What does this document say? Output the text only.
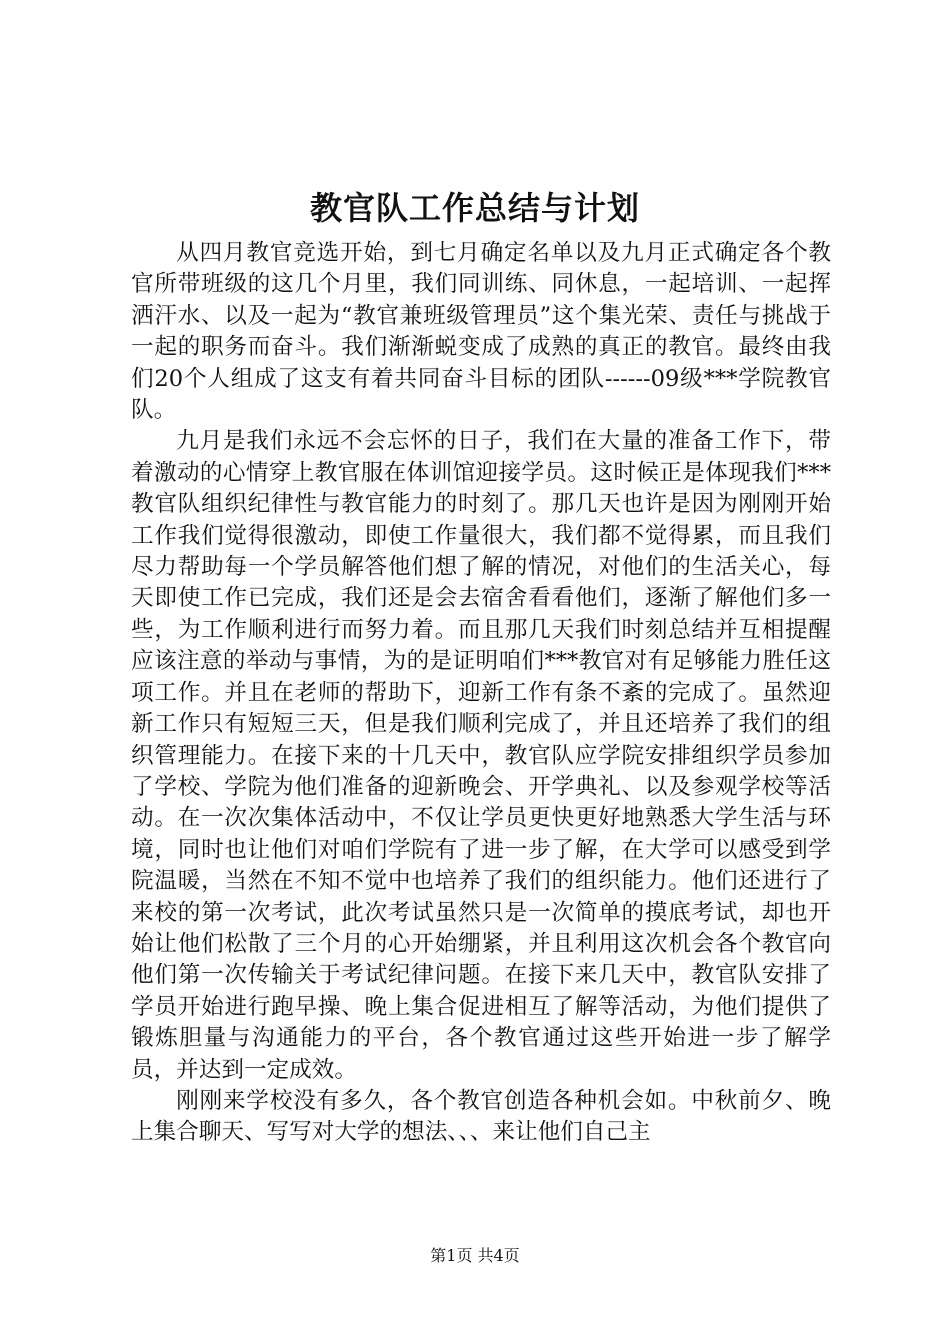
教官队工作总结与计划

从四月教官竞选开始，到七月确定名单以及九月正式确定各个教官所带班级的这几个月里，我们同训练、同休息，一起培训、一起挥洒汗水、以及一起为“教官兼班级管理员”这个集光荣、责任与挑战于一起的职务而奋斗。我们渐渐蜕变成了成熟的真正的教官。最终由我们20个人组成了这支有着共同奋斗目标的团队------09级***学院教官队。

九月是我们永远不会忘怀的日子，我们在大量的准备工作下，带着激动的心情穿上教官服在体训馆迎接学员。这时候正是体现我们***教官队组织纪律性与教官能力的时刻了。那几天也许是因为刚刚开始工作我们觉得很激动，即使工作量很大，我们都不觉得累，而且我们尽力帮助每一个学员解答他们想了解的情况，对他们的生活关心，每天即使工作已完成，我们还是会去宿舍看看他们，逐渐了解他们多一些，为工作顺利进行而努力着。而且那几天我们时刻总结并互相提醒应该注意的举动与事情，为的是证明咱们***教官对有足够能力胜任这项工作。并且在老师的帮助下，迎新工作有条不紊的完成了。虽然迎新工作只有短短三天，但是我们顺利完成了，并且还培养了我们的组织管理能力。在接下来的十几天中，教官队应学院安排组织学员参加了学校、学院为他们准备的迎新晚会、开学典礼、以及参观学校等活动。在一次次集体活动中，不仅让学员更快更好地熟悉大学生活与环境，同时也让他们对咱们学院有了进一步了解，在大学可以感受到学院温暖，当然在不知不觉中也培养了我们的组织能力。他们还进行了来校的第一次考试，此次考试虽然只是一次简单的摸底考试，却也开始让他们松散了三个月的心开始绷紧，并且利用这次机会各个教官向他们第一次传输关于考试纪律问题。在接下来几天中，教官队安排了学员开始进行跑早操、晚上集合促进相互了解等活动，为他们提供了锻炼胆量与沟通能力的平台，各个教官通过这些开始进一步了解学员，并达到一定成效。

刚刚来学校没有多久，各个教官创造各种机会如。中秋前夕、晚上集合聊天、写写对大学的想法、、、来让他们自己主

第1页 共4页
